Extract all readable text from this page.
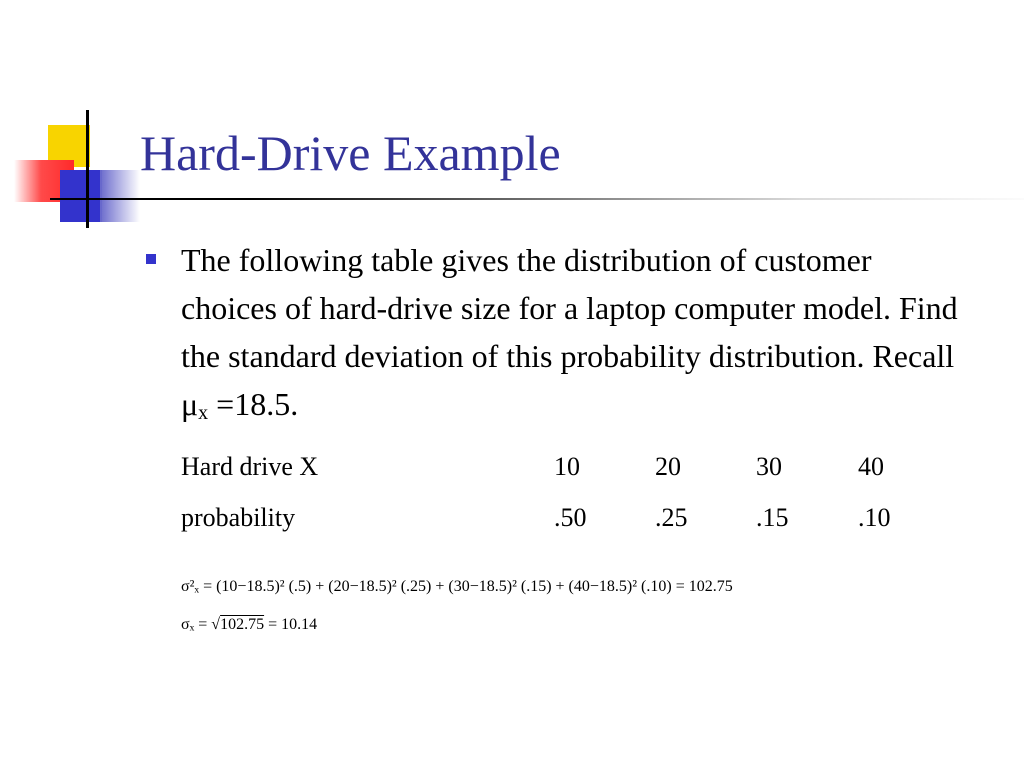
Hard-Drive Example
The following table gives the distribution of customer choices of hard-drive size for a laptop computer model. Find the standard deviation of this probability distribution. Recall $\mu_x =18.5$.
Hard drive X	10	20	30	40
probability	.50	.25	.15	.10
σ²ₓ = (10−18.5)² (.5) + (20−18.5)² (.25) + (30−18.5)² (.15) + (40−18.5)² (.10) = 102.75
σₓ = √102.75 = 10.14
